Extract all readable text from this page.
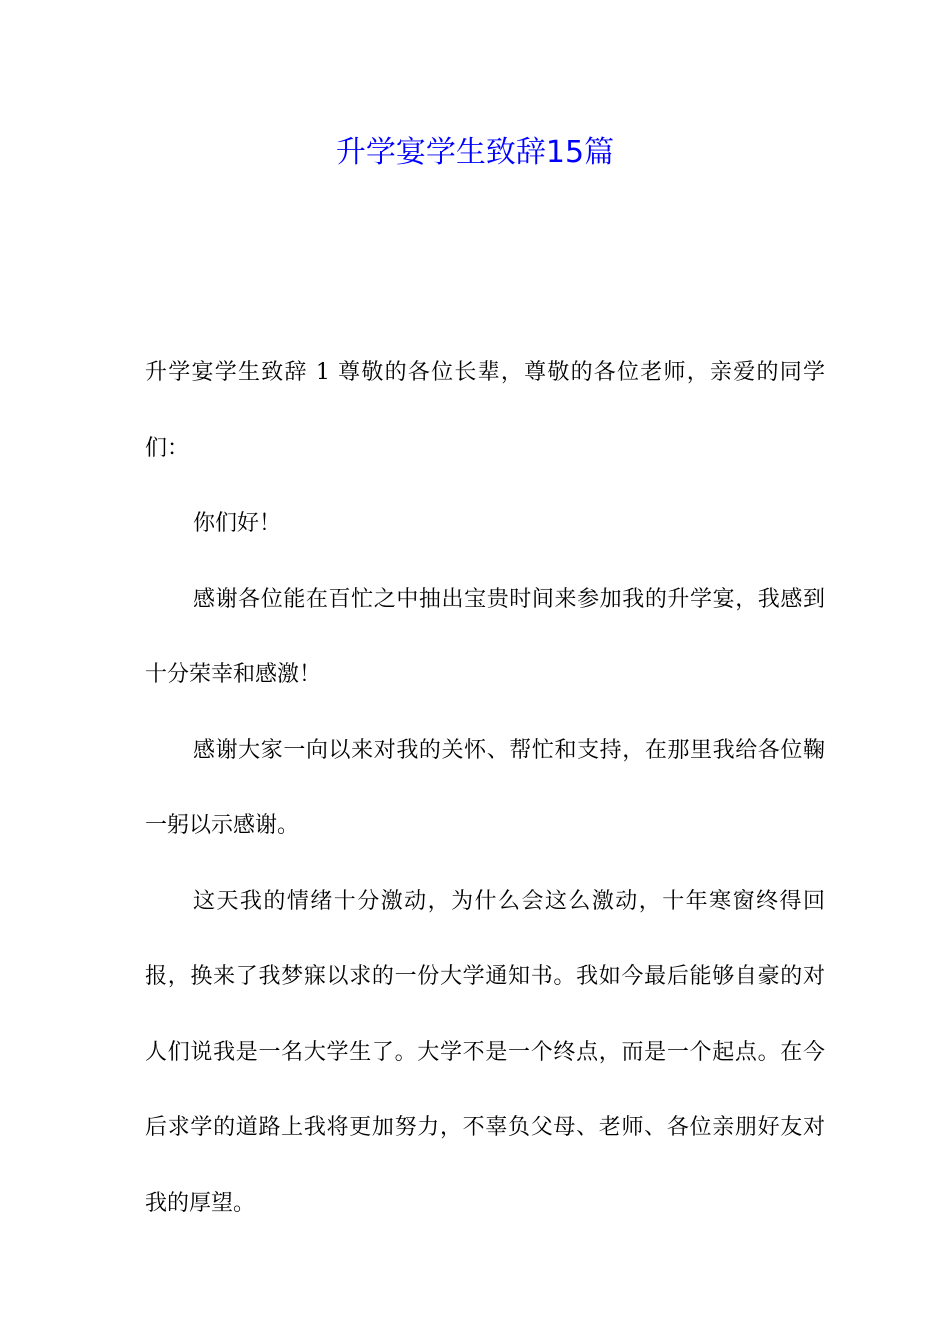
升学宴学生致辞15篇

升学宴学生致辞 1 尊敬的各位长辈，尊敬的各位老师，亲爱的同学们：

你们好！

感谢各位能在百忙之中抽出宝贵时间来参加我的升学宴，我感到十分荣幸和感激！

感谢大家一向以来对我的关怀、帮忙和支持，在那里我给各位鞠一躬以示感谢。

这天我的情绪十分激动，为什么会这么激动，十年寒窗终得回报，换来了我梦寐以求的一份大学通知书。我如今最后能够自豪的对人们说我是一名大学生了。大学不是一个终点，而是一个起点。在今后求学的道路上我将更加努力，不辜负父母、老师、各位亲朋好友对我的厚望。
